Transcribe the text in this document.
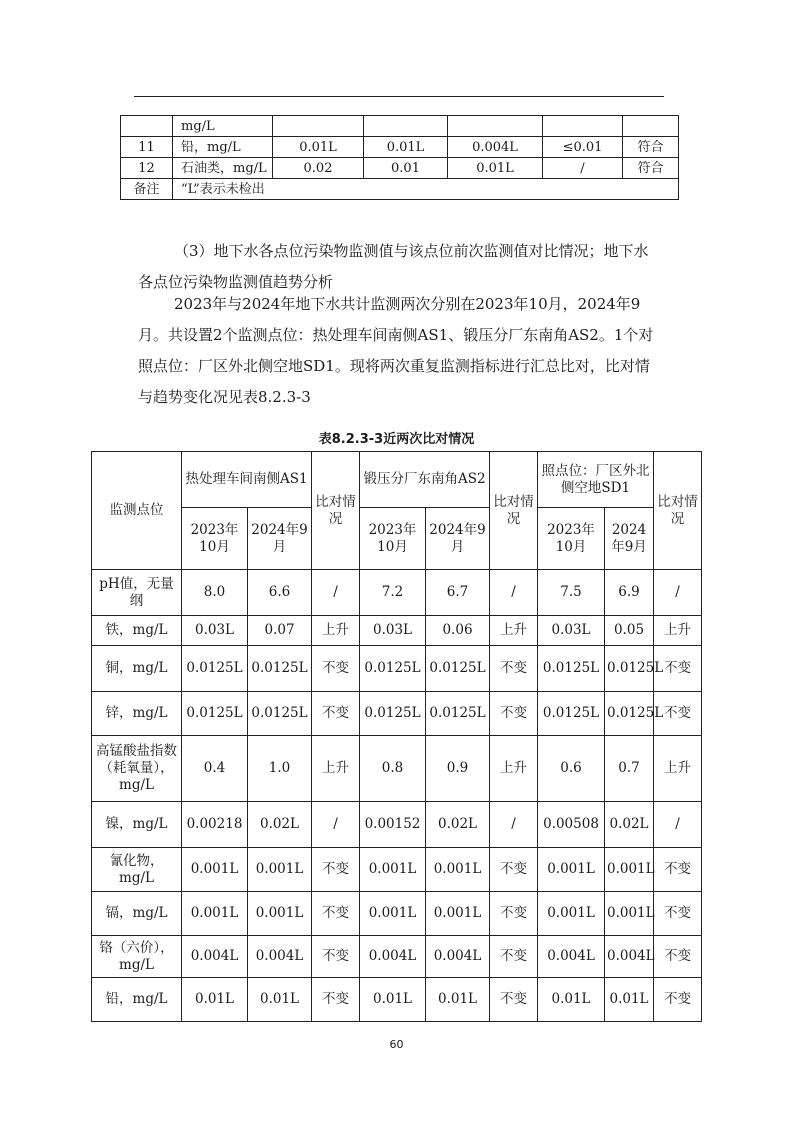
	mg/L					
11	铅，mg/L	0.01L	0.01L	0.004L	≤0.01	符合
12	石油类，mg/L	0.02	0.01	0.01L	/	符合
备注	“L”表示未检出					

（3）地下水各点位污染物监测值与该点位前次监测值对比情况；地下水各点位污染物监测值趋势分析

2023年与2024年地下水共计监测两次分别在2023年10月，2024年9月。共设置2个监测点位：热处理车间南侧AS1、锻压分厂东南角AS2。1个对照点位：厂区外北侧空地SD1。现将两次重复监测指标进行汇总比对，比对情与趋势变化况见表8.2.3-3

表8.2.3-3近两次比对情况

监测点位	热处理车间南侧AS1		比对情况	锻压分厂东南角AS2		比对情况	照点位：厂区外北侧空地SD1		比对情况
	2023年10月	2024年9月		2023年10月	2024年9月		2023年10月	2024年9月	
pH值，无量纲	8.0	6.6	/	7.2	6.7	/	7.5	6.9	/
铁，mg/L	0.03L	0.07	上升	0.03L	0.06	上升	0.03L	0.05	上升
铜，mg/L	0.0125L	0.0125L	不变	0.0125L	0.0125L	不变	0.0125L	0.0125L	不变
锌，mg/L	0.0125L	0.0125L	不变	0.0125L	0.0125L	不变	0.0125L	0.0125L	不变
高锰酸盐指数（耗氧量），mg/L	0.4	1.0	上升	0.8	0.9	上升	0.6	0.7	上升
镍，mg/L	0.00218	0.02L	/	0.00152	0.02L	/	0.00508	0.02L	/
氰化物，mg/L	0.001L	0.001L	不变	0.001L	0.001L	不变	0.001L	0.001L	不变
镉，mg/L	0.001L	0.001L	不变	0.001L	0.001L	不变	0.001L	0.001L	不变
铬（六价），mg/L	0.004L	0.004L	不变	0.004L	0.004L	不变	0.004L	0.004L	不变
铅，mg/L	0.01L	0.01L	不变	0.01L	0.01L	不变	0.01L	0.01L	不变
60
